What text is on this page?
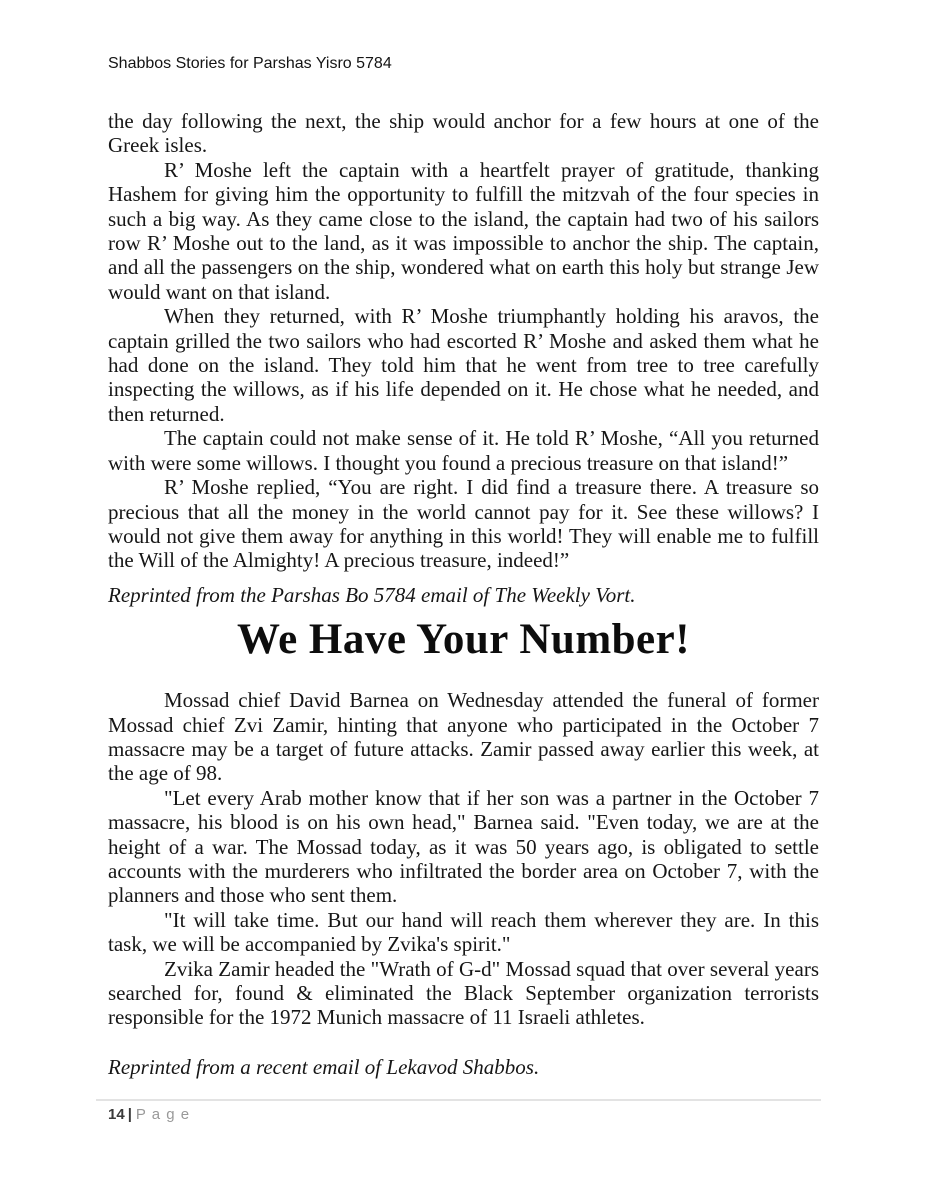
Shabbos Stories for Parshas Yisro 5784

the day following the next, the ship would anchor for a few hours at one of the Greek isles.

R’ Moshe left the captain with a heartfelt prayer of gratitude, thanking Hashem for giving him the opportunity to fulfill the mitzvah of the four species in such a big way. As they came close to the island, the captain had two of his sailors row R’ Moshe out to the land, as it was impossible to anchor the ship. The captain, and all the passengers on the ship, wondered what on earth this holy but strange Jew would want on that island.

When they returned, with R’ Moshe triumphantly holding his aravos, the captain grilled the two sailors who had escorted R’ Moshe and asked them what he had done on the island. They told him that he went from tree to tree carefully inspecting the willows, as if his life depended on it. He chose what he needed, and then returned.

The captain could not make sense of it. He told R’ Moshe, “All you returned with were some willows. I thought you found a precious treasure on that island!”

R’ Moshe replied, “You are right. I did find a treasure there. A treasure so precious that all the money in the world cannot pay for it. See these willows? I would not give them away for anything in this world! They will enable me to fulfill the Will of the Almighty! A precious treasure, indeed!”

Reprinted from the Parshas Bo 5784 email of The Weekly Vort.

We Have Your Number!

Mossad chief David Barnea on Wednesday attended the funeral of former Mossad chief Zvi Zamir, hinting that anyone who participated in the October 7 massacre may be a target of future attacks. Zamir passed away earlier this week, at the age of 98.

"Let every Arab mother know that if her son was a partner in the October 7 massacre, his blood is on his own head," Barnea said. "Even today, we are at the height of a war. The Mossad today, as it was 50 years ago, is obligated to settle accounts with the murderers who infiltrated the border area on October 7, with the planners and those who sent them.

"It will take time. But our hand will reach them wherever they are. In this task, we will be accompanied by Zvika's spirit."

Zvika Zamir headed the "Wrath of G-d" Mossad squad that over several years searched for, found & eliminated the Black September organization terrorists responsible for the 1972 Munich massacre of 11 Israeli athletes.

Reprinted from a recent email of Lekavod Shabbos.

14 | P a g e
